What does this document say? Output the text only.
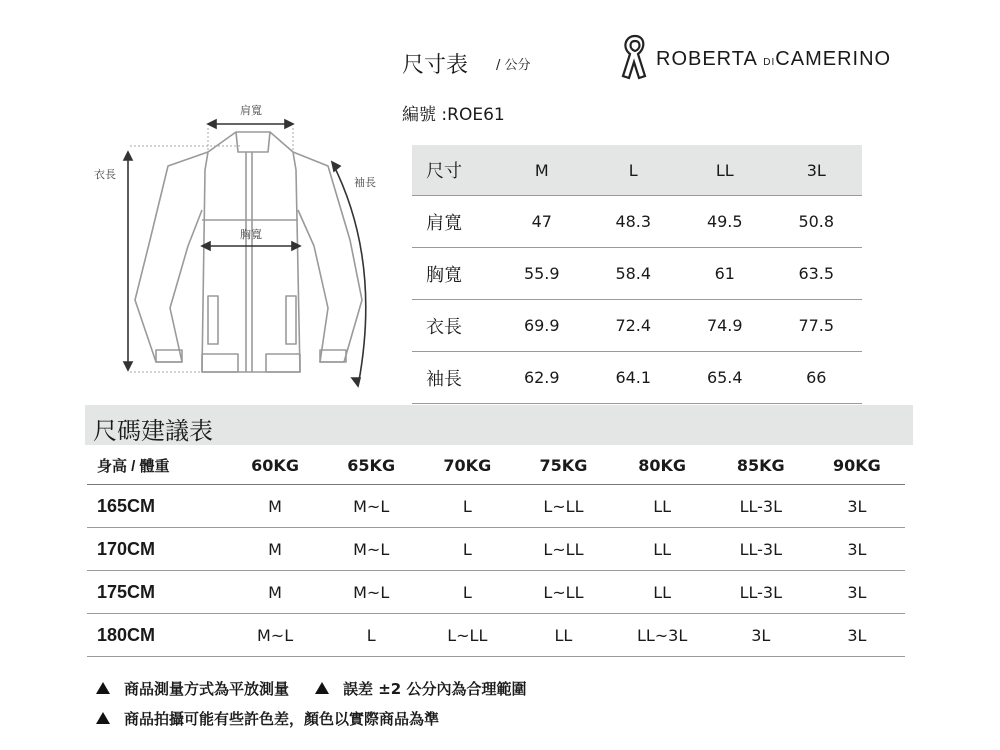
尺寸表 / 公分
編號 :ROE61
ROBERTA DICAMERINO
肩寬
胸寬
衣長
袖長
尺寸	M	L	LL	3L
肩寬	47	48.3	49.5	50.8
胸寬	55.9	58.4	61	63.5
衣長	69.9	72.4	74.9	77.5
袖長	62.9	64.1	65.4	66
尺碼建議表
身高 / 體重	60KG	65KG	70KG	75KG	80KG	85KG	90KG
165CM	M	M~L	L	L~LL	LL	LL-3L	3L
170CM	M	M~L	L	L~LL	LL	LL-3L	3L
175CM	M	M~L	L	L~LL	LL	LL-3L	3L
180CM	M~L	L	L~LL	LL	LL~3L	3L	3L
商品測量方式為平放測量	誤差 ±2 公分內為合理範圍
商品拍攝可能有些許色差，顏色以實際商品為準
